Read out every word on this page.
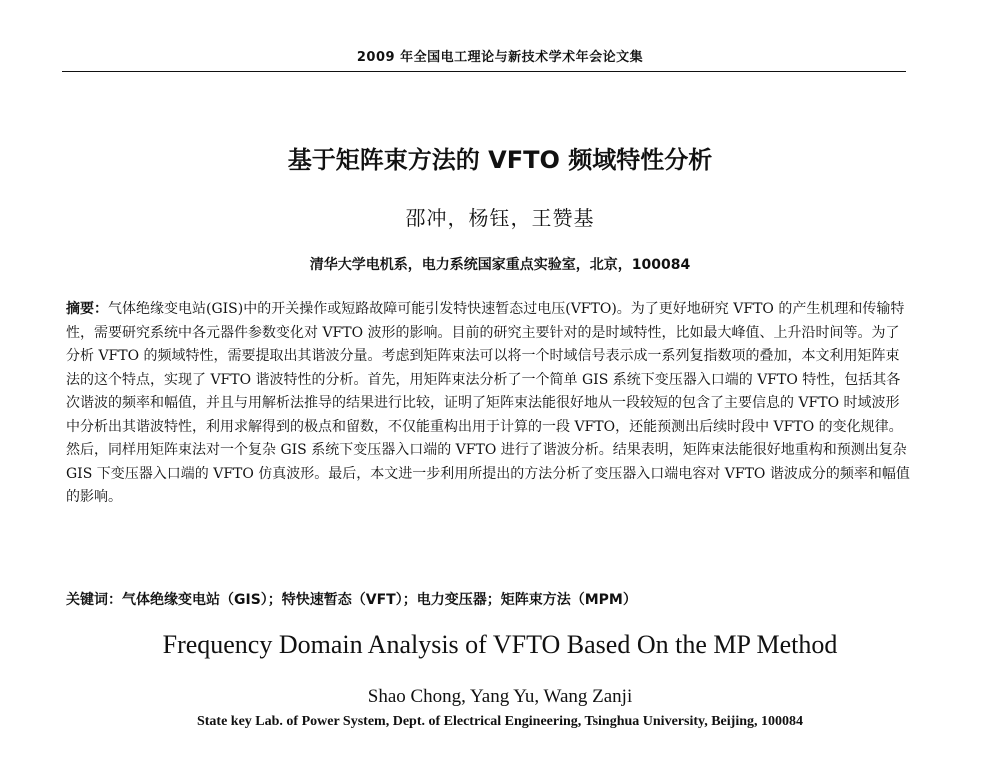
2009 年全国电工理论与新技术学术年会论文集
基于矩阵束方法的 VFTO 频域特性分析
邵冲，杨钰，王赞基
清华大学电机系，电力系统国家重点实验室，北京，100084

摘要：气体绝缘变电站(GIS)中的开关操作或短路故障可能引发特快速暂态过电压(VFTO)。为了更好地研究 VFTO 的产生机理和传输特性，需要研究系统中各元器件参数变化对 VFTO 波形的影响。目前的研究主要针对的是时域特性，比如最大峰值、上升沿时间等。为了分析 VFTO 的频域特性，需要提取出其谐波分量。考虑到矩阵束法可以将一个时域信号表示成一系列复指数项的叠加，本文利用矩阵束法的这个特点，实现了 VFTO 谐波特性的分析。首先，用矩阵束法分析了一个简单 GIS 系统下变压器入口端的 VFTO 特性，包括其各次谐波的频率和幅值，并且与用解析法推导的结果进行比较，证明了矩阵束法能很好地从一段较短的包含了主要信息的 VFTO 时域波形中分析出其谐波特性，利用求解得到的极点和留数，不仅能重构出用于计算的一段 VFTO，还能预测出后续时段中 VFTO 的变化规律。然后，同样用矩阵束法对一个复杂 GIS 系统下变压器入口端的 VFTO 进行了谐波分析。结果表明，矩阵束法能很好地重构和预测出复杂 GIS 下变压器入口端的 VFTO 仿真波形。最后，本文进一步利用所提出的方法分析了变压器入口端电容对 VFTO 谐波成分的频率和幅值的影响。

关键词：气体绝缘变电站（GIS）；特快速暂态（VFT）；电力变压器；矩阵束方法（MPM）

Frequency Domain Analysis of VFTO Based On the MP Method
Shao Chong, Yang Yu, Wang Zanji
State key Lab. of Power System, Dept. of Electrical Engineering, Tsinghua University, Beijing, 100084
